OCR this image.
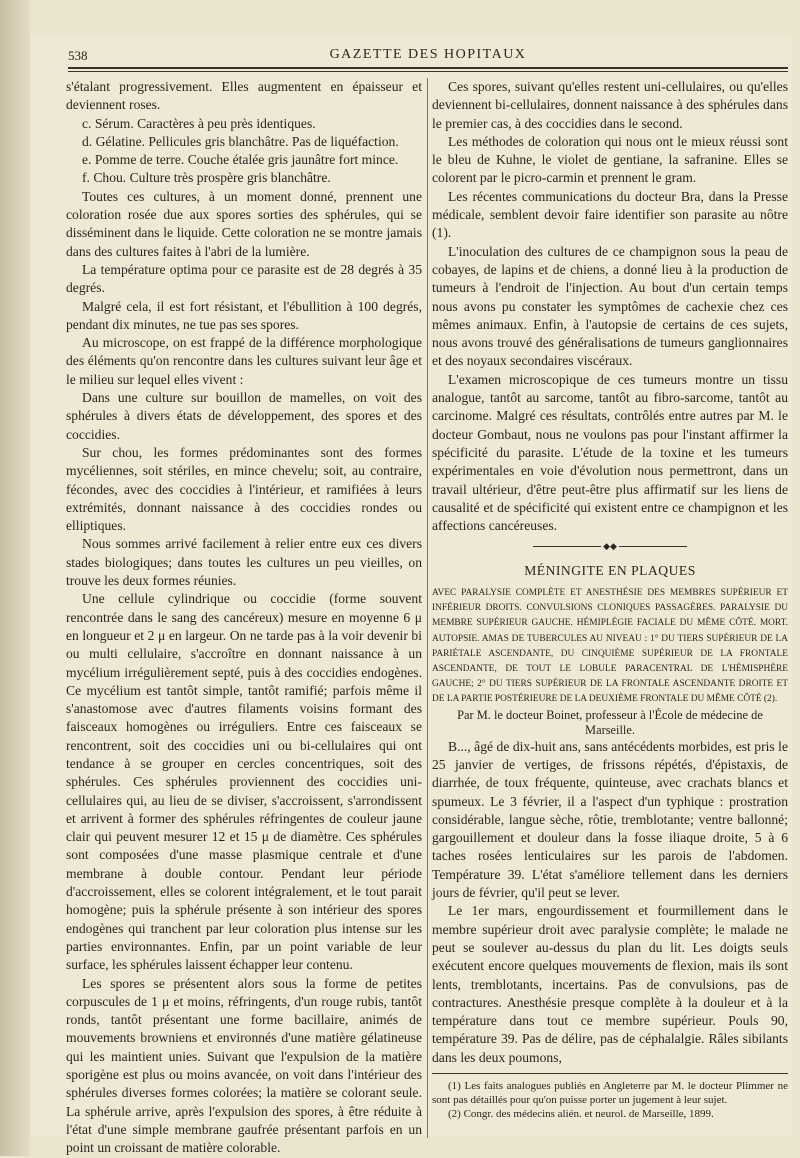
538	GAZETTE DES HOPITAUX

s'étalant progressivement. Elles augmentent en épaisseur et deviennent roses.

c. Sérum. Caractères à peu près identiques.

d. Gélatine. Pellicules gris blanchâtre. Pas de liquéfaction.

e. Pomme de terre. Couche étalée gris jaunâtre fort mince.

f. Chou. Culture très prospère gris blanchâtre.

Toutes ces cultures, à un moment donné, prennent une coloration rosée due aux spores sorties des sphérules, qui se disséminent dans le liquide. Cette coloration ne se montre jamais dans des cultures faites à l'abri de la lumière.

La température optima pour ce parasite est de 28 degrés à 35 degrés.

Malgré cela, il est fort résistant, et l'ébullition à 100 degrés, pendant dix minutes, ne tue pas ses spores.

Au microscope, on est frappé de la différence morphologique des éléments qu'on rencontre dans les cultures suivant leur âge et le milieu sur lequel elles vivent :

Dans une culture sur bouillon de mamelles, on voit des sphérules à divers états de développement, des spores et des coccidies.

Sur chou, les formes prédominantes sont des formes mycéliennes, soit stériles, en mince chevelu; soit, au contraire, fécondes, avec des coccidies à l'intérieur, et ramifiées à leurs extrémités, donnant naissance à des coccidies rondes ou elliptiques.

Nous sommes arrivé facilement à relier entre eux ces divers stades biologiques; dans toutes les cultures un peu vieilles, on trouve les deux formes réunies.

Une cellule cylindrique ou coccidie (forme souvent rencontrée dans le sang des cancéreux) mesure en moyenne 6 μ en longueur et 2 μ en largeur. On ne tarde pas à la voir devenir bi ou multi cellulaire, s'accroître en donnant naissance à un mycélium irrégulièrement septé, puis à des coccidies endogènes. Ce mycélium est tantôt simple, tantôt ramifié; parfois même il s'anastomose avec d'autres filaments voisins formant des faisceaux homogènes ou irréguliers. Entre ces faisceaux se rencontrent, soit des coccidies uni ou bi-cellulaires qui ont tendance à se grouper en cercles concentriques, soit des sphérules. Ces sphérules proviennent des coccidies uni-cellulaires qui, au lieu de se diviser, s'accroissent, s'arrondissent et arrivent à former des sphérules réfringentes de couleur jaune clair qui peuvent mesurer 12 et 15 μ de diamètre. Ces sphérules sont composées d'une masse plasmique centrale et d'une membrane à double contour. Pendant leur période d'accroissement, elles se colorent intégralement, et le tout parait homogène; puis la sphérule présente à son intérieur des spores endogènes qui tranchent par leur coloration plus intense sur les parties environnantes. Enfin, par un point variable de leur surface, les sphérules laissent échapper leur contenu.

Les spores se présentent alors sous la forme de petites corpuscules de 1 μ et moins, réfringents, d'un rouge rubis, tantôt ronds, tantôt présentant une forme bacillaire, animés de mouvements browniens et environnés d'une matière gélatineuse qui les maintient unies. Suivant que l'expulsion de la matière sporigène est plus ou moins avancée, on voit dans l'intérieur des sphérules diverses formes colorées; la matière se colorant seule. La sphérule arrive, après l'expulsion des spores, à être réduite à l'état d'une simple membrane gaufrée présentant parfois en un point un croissant de matière colorable.

Ces spores, suivant qu'elles restent uni-cellulaires, ou qu'elles deviennent bi-cellulaires, donnent naissance à des sphérules dans le premier cas, à des coccidies dans le second.

Les méthodes de coloration qui nous ont le mieux réussi sont le bleu de Kuhne, le violet de gentiane, la safranine. Elles se colorent par le picro-carmin et prennent le gram.

Les récentes communications du docteur Bra, dans la Presse médicale, semblent devoir faire identifier son parasite au nôtre (1).

L'inoculation des cultures de ce champignon sous la peau de cobayes, de lapins et de chiens, a donné lieu à la production de tumeurs à l'endroit de l'injection. Au bout d'un certain temps nous avons pu constater les symptômes de cachexie chez ces mêmes animaux. Enfin, à l'autopsie de certains de ces sujets, nous avons trouvé des généralisations de tumeurs ganglionnaires et des noyaux secondaires viscéraux.

L'examen microscopique de ces tumeurs montre un tissu analogue, tantôt au sarcome, tantôt au fibro-sarcome, tantôt au carcinome. Malgré ces résultats, contrôlés entre autres par M. le docteur Gombaut, nous ne voulons pas pour l'instant affirmer la spécificité du parasite. L'étude de la toxine et les tumeurs expérimentales en voie d'évolution nous permettront, dans un travail ultérieur, d'être peut-être plus affirmatif sur les liens de causalité et de spécificité qui existent entre ce champignon et les affections cancéreuses.

◆◆
MÉNINGITE EN PLAQUES

AVEC PARALYSIE COMPLÈTE ET ANESTHÉSIE DES MEMBRES SUPÉRIEUR ET INFÉRIEUR DROITS. CONVULSIONS CLONIQUES PASSAGÈRES. PARALYSIE DU MEMBRE SUPÉRIEUR GAUCHE. HÉMIPLÉGIE FACIALE DU MÊME CÔTÉ. MORT. AUTOPSIE. AMAS DE TUBERCULES AU NIVEAU : 1° DU TIERS SUPÉRIEUR DE LA PARIÉTALE ASCENDANTE, DU CINQUIÈME SUPÉRIEUR DE LA FRONTALE ASCENDANTE, DE TOUT LE LOBULE PARACENTRAL DE L'HÉMISPHÈRE GAUCHE; 2° DU TIERS SUPÉRIEUR DE LA FRONTALE ASCENDANTE DROITE ET DE LA PARTIE POSTÉRIEURE DE LA DEUXIÈME FRONTALE DU MÊME CÔTÉ (2).

Par M. le docteur Boinet, professeur à l'École de médecine de Marseille.

B..., âgé de dix-huit ans, sans antécédents morbides, est pris le 25 janvier de vertiges, de frissons répétés, d'épistaxis, de diarrhée, de toux fréquente, quinteuse, avec crachats blancs et spumeux. Le 3 février, il a l'aspect d'un typhique : prostration considérable, langue sèche, rôtie, tremblotante; ventre ballonné; gargouillement et douleur dans la fosse iliaque droite, 5 à 6 taches rosées lenticulaires sur les parois de l'abdomen. Température 39. L'état s'améliore tellement dans les derniers jours de février, qu'il peut se lever.

Le 1er mars, engourdissement et fourmillement dans le membre supérieur droit avec paralysie complète; le malade ne peut se soulever au-dessus du plan du lit. Les doigts seuls exécutent encore quelques mouvements de flexion, mais ils sont lents, tremblotants, incertains. Pas de convulsions, pas de contractures. Anesthésie presque complète à la douleur et à la température dans tout ce membre supérieur. Pouls 90, température 39. Pas de délire, pas de céphalalgie. Râles sibilants dans les deux poumons,

(1) Les faits analogues publiés en Angleterre par M. le docteur Plimmer ne sont pas détaillés pour qu'on puisse porter un jugement à leur sujet.

(2) Congr. des médecins alién. et neurol. de Marseille, 1899.
